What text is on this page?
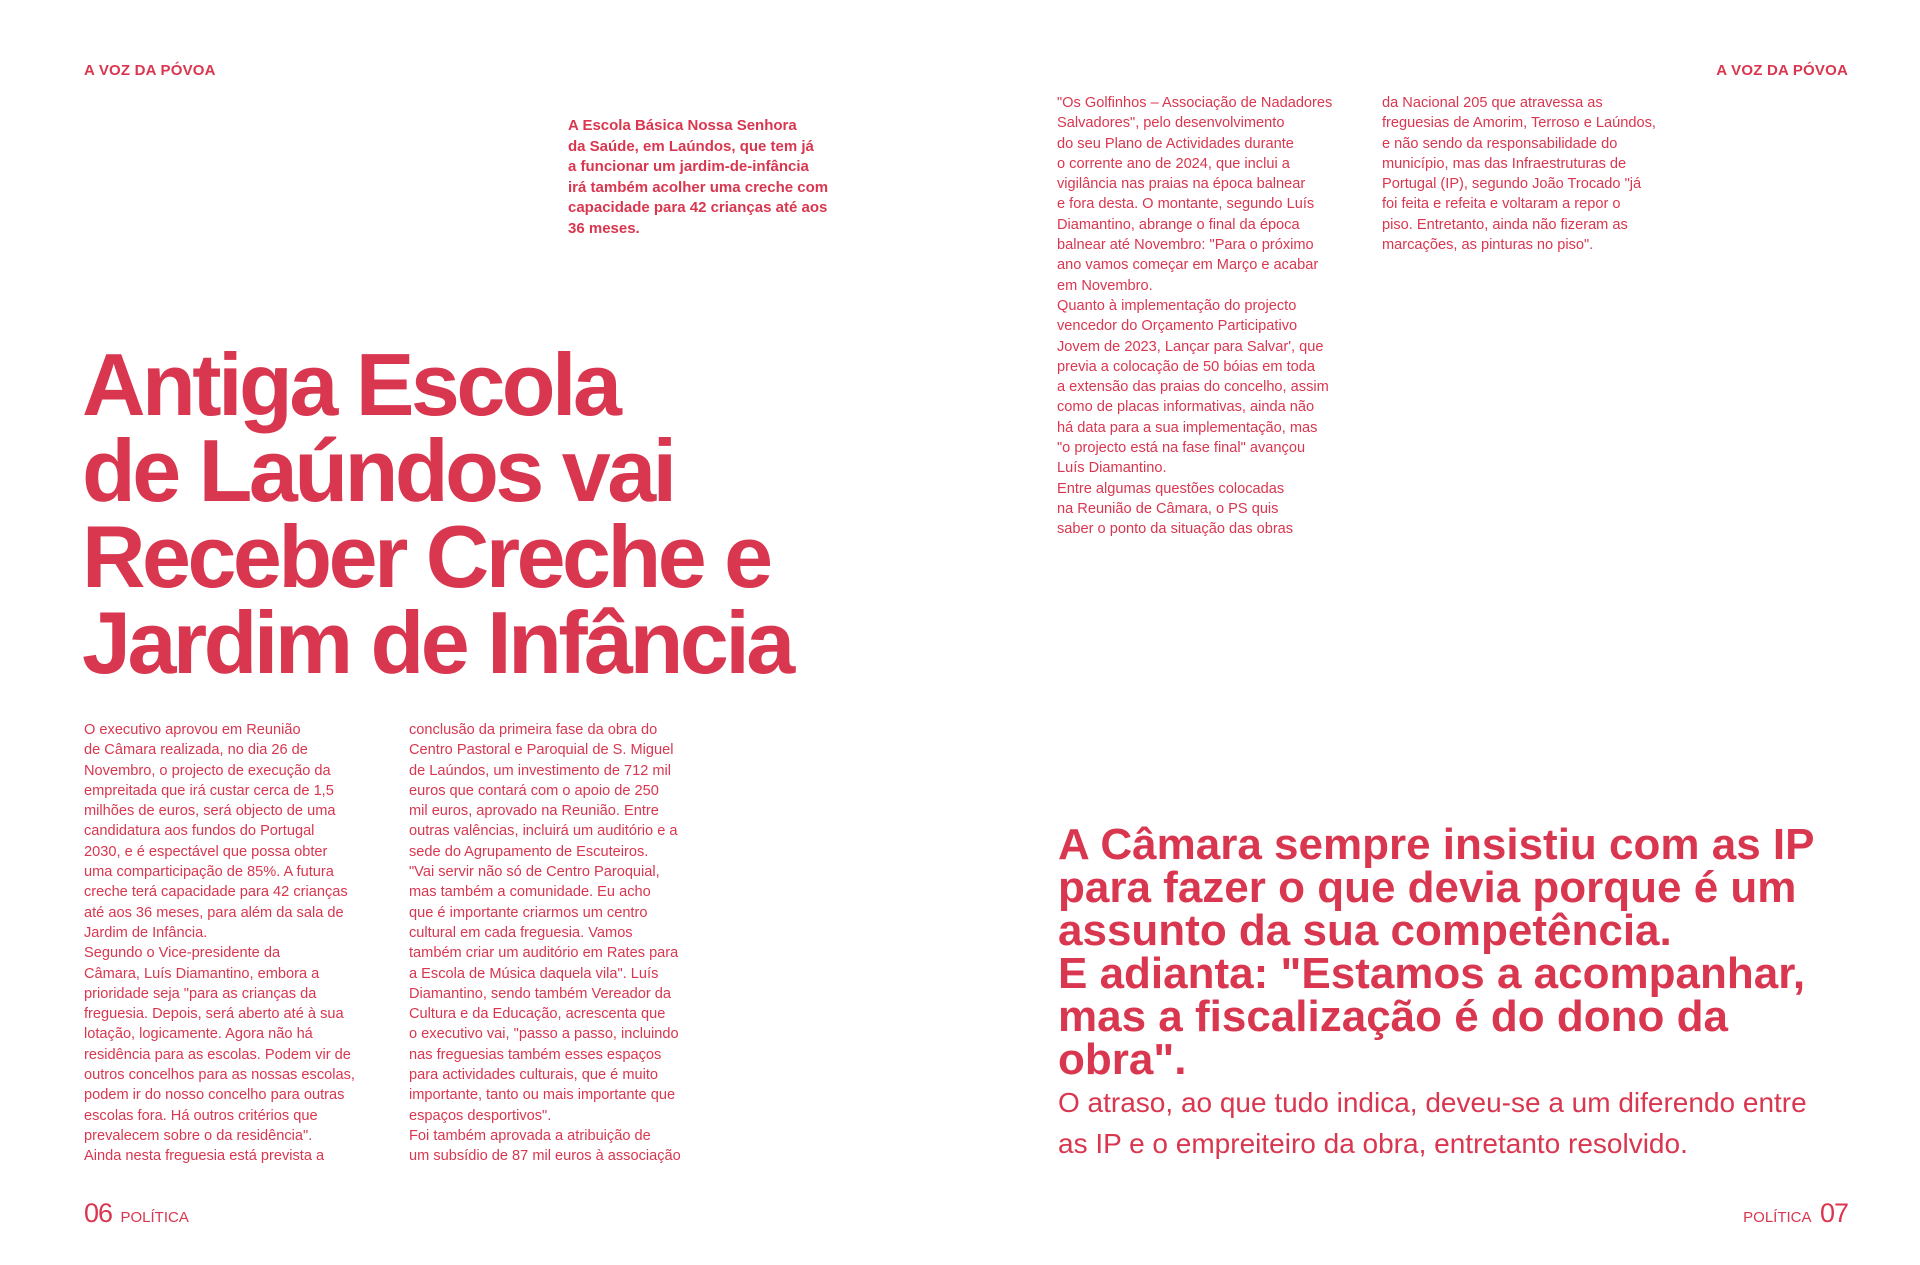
A VOZ DA PÓVOA	A VOZ DA PÓVOA
A Escola Básica Nossa Senhora
da Saúde, em Laúndos, que tem já
a funcionar um jardim-de-infância
irá também acolher uma creche com
capacidade para 42 crianças até aos
36 meses.
Antiga Escola
de Laúndos vai
Receber Creche e
Jardim de Infância
O executivo aprovou em Reunião
de Câmara realizada, no dia 26 de
Novembro, o projecto de execução da
empreitada que irá custar cerca de 1,5
milhões de euros, será objecto de uma
candidatura aos fundos do Portugal
2030, e é espectável que possa obter
uma comparticipação de 85%. A futura
creche terá capacidade para 42 crianças
até aos 36 meses, para além da sala de
Jardim de Infância.
Segundo o Vice-presidente da
Câmara, Luís Diamantino, embora a
prioridade seja "para as crianças da
freguesia. Depois, será aberto até à sua
lotação, logicamente. Agora não há
residência para as escolas. Podem vir de
outros concelhos para as nossas escolas,
podem ir do nosso concelho para outras
escolas fora. Há outros critérios que
prevalecem sobre o da residência".
Ainda nesta freguesia está prevista a
conclusão da primeira fase da obra do
Centro Pastoral e Paroquial de S. Miguel
de Laúndos, um investimento de 712 mil
euros que contará com o apoio de 250
mil euros, aprovado na Reunião. Entre
outras valências, incluirá um auditório e a
sede do Agrupamento de Escuteiros.
"Vai servir não só de Centro Paroquial,
mas também a comunidade. Eu acho
que é importante criarmos um centro
cultural em cada freguesia. Vamos
também criar um auditório em Rates para
a Escola de Música daquela vila". Luís
Diamantino, sendo também Vereador da
Cultura e da Educação, acrescenta que
o executivo vai, "passo a passo, incluindo
nas freguesias também esses espaços
para actividades culturais, que é muito
importante, tanto ou mais importante que
espaços desportivos".
Foi também aprovada a atribuição de
um subsídio de 87 mil euros à associação
"Os Golfinhos – Associação de Nadadores
Salvadores", pelo desenvolvimento
do seu Plano de Actividades durante
o corrente ano de 2024, que inclui a
vigilância nas praias na época balnear
e fora desta. O montante, segundo Luís
Diamantino, abrange o final da época
balnear até Novembro: "Para o próximo
ano vamos começar em Março e acabar
em Novembro.
Quanto à implementação do projecto
vencedor do Orçamento Participativo
Jovem de 2023, Lançar para Salvar', que
previa a colocação de 50 bóias em toda
a extensão das praias do concelho, assim
como de placas informativas, ainda não
há data para a sua implementação, mas
"o projecto está na fase final" avançou
Luís Diamantino.
Entre algumas questões colocadas
na Reunião de Câmara, o PS quis
saber o ponto da situação das obras
da Nacional 205 que atravessa as
freguesias de Amorim, Terroso e Laúndos,
e não sendo da responsabilidade do
município, mas das Infraestruturas de
Portugal (IP), segundo João Trocado "já
foi feita e refeita e voltaram a repor o
piso. Entretanto, ainda não fizeram as
marcações, as pinturas no piso".
A Câmara sempre insistiu com as IP
para fazer o que devia porque é um
assunto da sua competência.
E adianta: "Estamos a acompanhar,
mas a fiscalização é do dono da
obra".
O atraso, ao que tudo indica, deveu-se a um diferendo entre
as IP e o empreiteiro da obra, entretanto resolvido.
06 POLÍTICA	POLÍTICA 07
